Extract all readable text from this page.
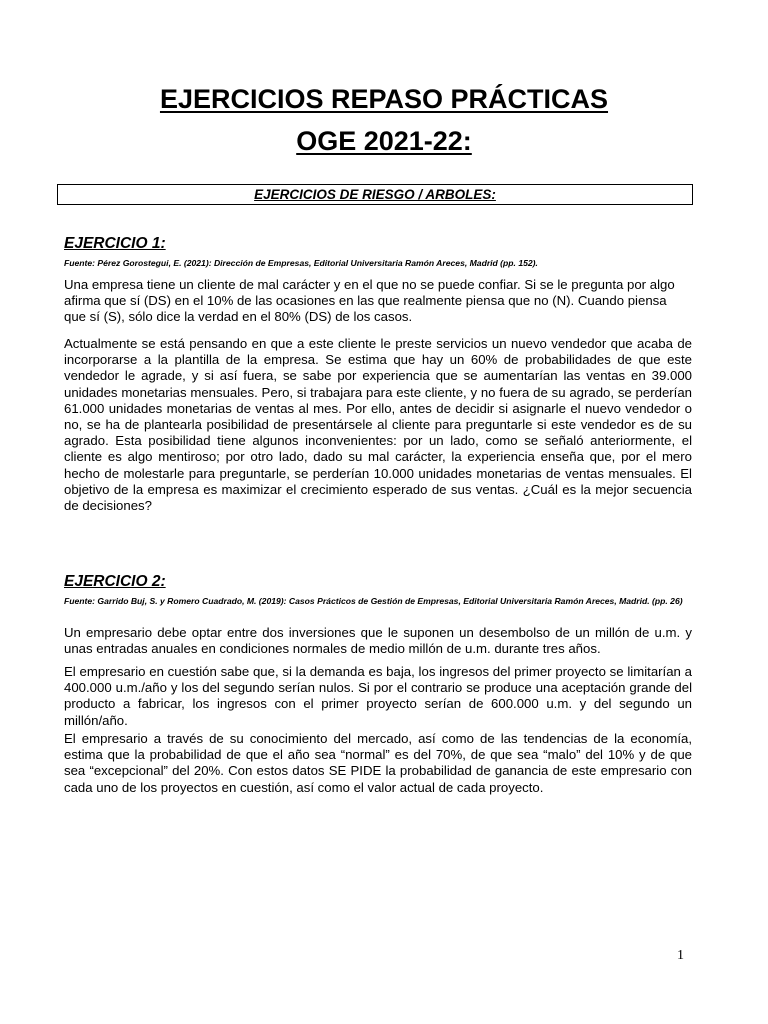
EJERCICIOS REPASO PRÁCTICAS
OGE 2021-22:
EJERCICIOS DE RIESGO / ARBOLES:
EJERCICIO 1:
Fuente: Pérez Gorostegui, E. (2021): Dirección de Empresas, Editorial Universitaria Ramón Areces, Madrid (pp. 152).

Una empresa tiene un cliente de mal carácter y en el que no se puede confiar. Si se le pregunta por algo afirma que sí (DS) en el 10% de las ocasiones en las que realmente piensa que no (N). Cuando piensa que sí (S), sólo dice la verdad en el 80% (DS) de los casos.

Actualmente se está pensando en que a este cliente le preste servicios un nuevo vendedor que acaba de incorporarse a la plantilla de la empresa. Se estima que hay un 60% de probabilidades de que este vendedor le agrade, y si así fuera, se sabe por experiencia que se aumentarían las ventas en 39.000 unidades monetarias mensuales. Pero, si trabajara para este cliente, y no fuera de su agrado, se perderían 61.000 unidades monetarias de ventas al mes. Por ello, antes de decidir si asignarle el nuevo vendedor o no, se ha de plantearla posibilidad de presentársele al cliente para preguntarle si este vendedor es de su agrado. Esta posibilidad tiene algunos inconvenientes: por un lado, como se señaló anteriormente, el cliente es algo mentiroso; por otro lado, dado su mal carácter, la experiencia enseña que, por el mero hecho de molestarle para preguntarle, se perderían 10.000 unidades monetarias de ventas mensuales. El objetivo de la empresa es maximizar el crecimiento esperado de sus ventas. ¿Cuál es la mejor secuencia de decisiones?

EJERCICIO 2:
Fuente: Garrido Buj, S. y Romero Cuadrado, M. (2019): Casos Prácticos de Gestión de Empresas, Editorial Universitaria Ramón Areces, Madrid. (pp. 26)

Un empresario debe optar entre dos inversiones que le suponen un desembolso de un millón de u.m. y unas entradas anuales en condiciones normales de medio millón de u.m. durante tres años.

El empresario en cuestión sabe que, si la demanda es baja, los ingresos del primer proyecto se limitarían a 400.000 u.m./año y los del segundo serían nulos. Si por el contrario se produce una aceptación grande del producto a fabricar, los ingresos con el primer proyecto serían de 600.000 u.m. y del segundo un millón/año.

El empresario a través de su conocimiento del mercado, así como de las tendencias de la economía, estima que la probabilidad de que el año sea “normal” es del 70%, de que sea “malo” del 10% y de que sea “excepcional” del 20%. Con estos datos SE PIDE la probabilidad de ganancia de este empresario con cada uno de los proyectos en cuestión, así como el valor actual de cada proyecto.

1
